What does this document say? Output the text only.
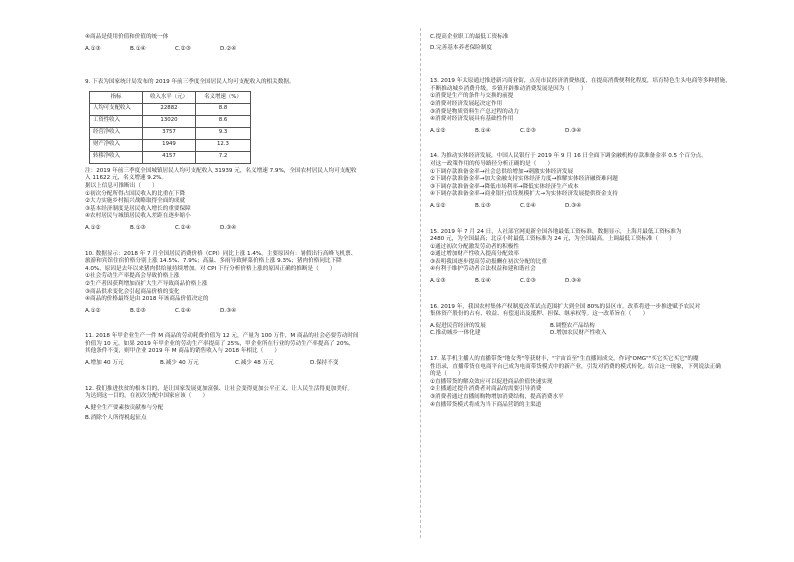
④商品是使用价值和价值的统一体

A.①③	B.①④	C.②③	D.②④

9. 下表为国家统计局发布的 2019 年前三季度全国居民人均可支配收入的相关数据。

指标	收入水平（元）	名义增速（%）
人均可支配收入	22882	8.8
工资性收入	13020	8.6
经营净收入	3757	9.3
财产净收入	1949	12.3
转移净收入	4157	7.2

注：2019 年前三季度全国城镇居民人均可支配收入 31939 元，名义增速 7.9%，全国农村居民人均可支配收

入 11622 元，名义增速 9.2%。

据以上信息可推断出（　　）

①初次分配所得占国民收入的比重在下降

②大力实施乡村振兴战略取得全面的成就

③基本经济制度是居民收入增长的重要保障

④农村居民与城镇居民收入差距在逐步缩小

A.①②	B.①③	C.②④	D.③④

10. 数据显示：2018 年 7 月全国居民消费价格（CPI）同比上涨 1.4%。主要原因有：暑假出行高峰飞机票、

旅游和宾馆住宿价格分别上涨 14.5%、7.9%；高温、多雨导致鲜菜价格上涨 9.3%；猪肉价格同比下降

4.0%，原因是去年以来猪肉供给量持续增加。对 CPI 下行分析价格上涨的原因正确的推断是（　　）

①社会劳动生产率提高会导致价格上涨

②生产者因获利增加而扩大生产导致商品价格上涨

③商品供求变化会引起商品价格的变化

④商品的价格最终是由 2018 年该商品价值决定的

A.①②	B.②③	C.②④	D.③④

11. 2018 年甲企业生产一件 M 商品的劳动耗费价值为 12 元，产量为 100 万件，M 商品的社会必要劳动时间

价值为 10 元。如果 2019 年甲企业的劳动生产率提高了 25%，甲企业所在行业的劳动生产率提高了 20%，

其他条件不变，则甲企业 2019 年 M 商品的销售收入与 2018 年相比（　　）

A.增加 40 万元	B.减少 40 万元	C.减少 48 万元	D.保持不变

12. 我们推进扶贫的根本目的，是让国家发展更加富强、让社会变得更加公平正义、让人民生活得更加美好。

为达到这一目的，在初次分配中国家应该（　　）

A.健全生产要素按贡献参与分配

B.消除个人所得税起征点

C.提高企业职工的最低工资标准

D.完善基本养老保险制度

13. 2019 年太原通过推进新兴商业街，点亮市民经济消费热度，在提高消费便利化程度，培育特色生头电商等多种措施，

不断推动城乡消费升级。乡镇开辟推动消费发展是因为（　　）

①消费是生产的条件与交换的前提

②消费对经济发展起决定作用

③消费是物质资料生产总过程的动力

④消费对经济发展具有基础性作用

A.①②	B.①④	C.②③	D.③④

14. 为推动实体经济发展，中国人民银行于 2019 年 9 月 16 日全面下调金融机构存款准备金率 0.5 个百分点。

对这一政策作用的传导路径分析正确的是（　　）

①下调存款准备金率→社会总供给增加→刺激实体经济发展

②下调存款准备金率→加大金融支持实体经济力度→推解实体经济融资难问题

③下调存款准备金率→降低市场利率→降低实体经济生产成本

④下调存款准备金率→商业银行信贷规模扩大→为实体经济发展提供资金支持

A.①②	B.①③	C.②④	D.③④

15. 2019 年 7 月 24 日，人社部官网更新全国各地最低工资标准，数据显示，上海月最低工资标准为

2480 元，为全国最高；北京小时最低工资标准为 24 元，为全国最高。上调最低工资标准（　　）

①通过初次分配激发劳动者的积极性

②通过增加财产性收入提高分配效率

③表明我国逐步提高劳动报酬在初次分配的比重

④有利于维护劳动者合法权益和建和谐社会

A.①③	B.①④	C.②③	D.③④

16. 2019 年，我国农村集体产权制度改革试点范围扩大到全国 80%的县区市。改革将进一步推进赋予农民对

集体资产股份的占有、收益、有偿退出及抵押、担保、继承权等。这一改革旨在（　　）

A.促进民营经济的发展	B.调整农产品结构
C.推动城乡一体化建	D.增加农民财产性收入

17. 某手机主播人的直播带货"地女秀"等获财丰，"宇宙首至"生直播间成交，作词"OMG""买它买它买它"的魔

性语录，直播带货在电商平台已成为电商带货模式中的新产业，引发对消费的模式转化。结合这一现象，下列说法正确

的是（　　）

①直播带货的解众效应可以促进商品价值快速实现

②主播通过提升消费者对商品的需要引导消费

③消费者通过直播间购物增加消费结构，提高消费水平

④直播带货模式将成为当下商品营销的主渠道
